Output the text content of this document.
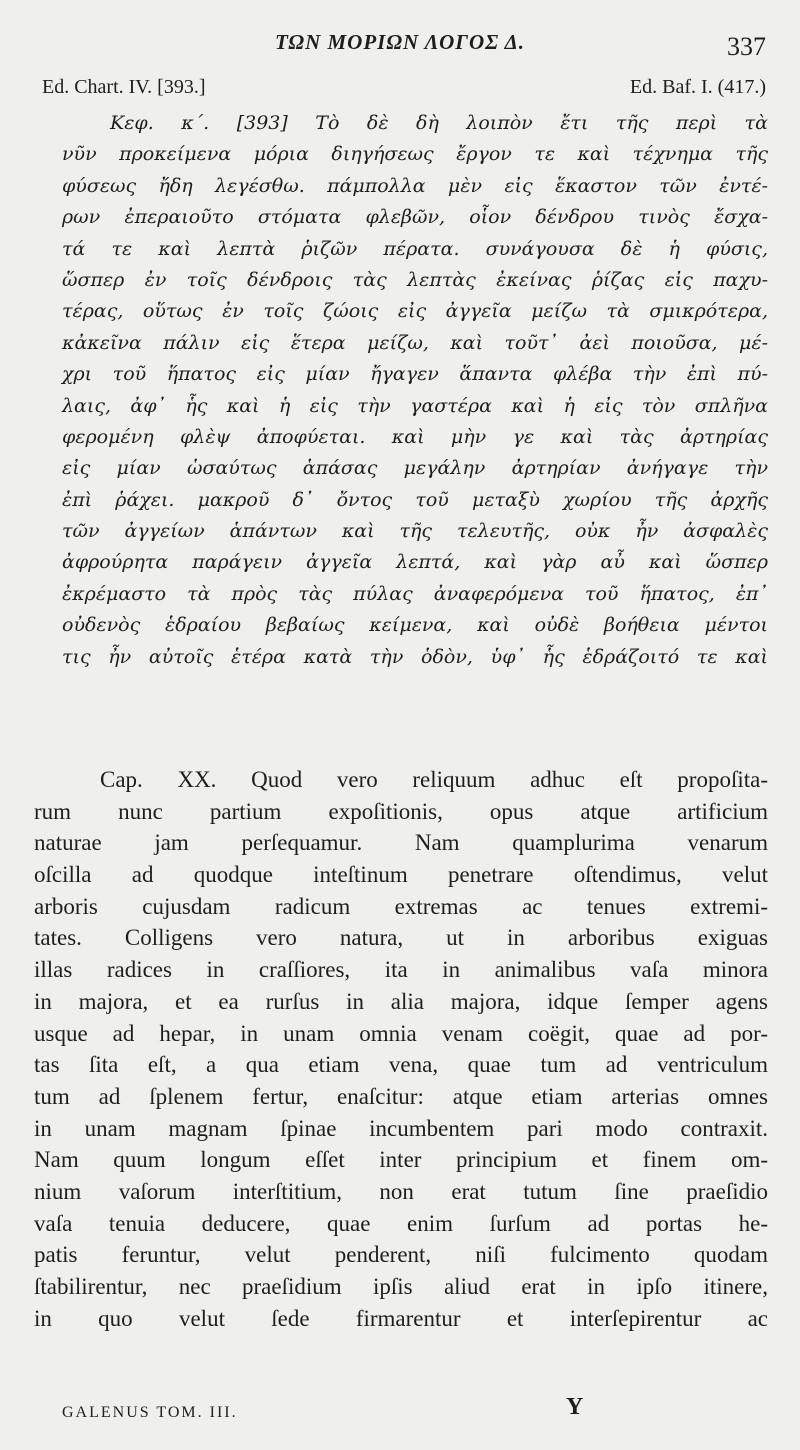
ΤΩΝ ΜΟΡΙΩΝ ΛΟΓΟΣ Δ.	337
Ed. Chart. IV. [393.]	Ed. Baf. I. (417.)
Κεφ. κ΄. [393] Τὸ δὲ δὴ λοιπὸν ἔτι τῆς περὶ τὰ
νῦν προκείμενα μόρια διηγήσεως ἔργον τε καὶ τέχνημα τῆς
φύσεως ἤδη λεγέσθω. πάμπολλα μὲν εἰς ἕκαστον τῶν ἐντέ-
ρων ἐπεραιοῦτο στόματα φλεβῶν, οἷον δένδρου τινὸς ἔσχα-
τά τε καὶ λεπτὰ ῥιζῶν πέρατα. συνάγουσα δὲ ἡ φύσις,
ὥσπερ ἐν τοῖς δένδροις τὰς λεπτὰς ἐκείνας ῥίζας εἰς παχυ-
τέρας, οὕτως ἐν τοῖς ζώοις εἰς ἀγγεῖα μείζω τὰ σμικρότερα,
κἀκεῖνα πάλιν εἰς ἕτερα μείζω, καὶ τοῦτ᾽ ἀεὶ ποιοῦσα, μέ-
χρι τοῦ ἥπατος εἰς μίαν ἤγαγεν ἅπαντα φλέβα τὴν ἐπὶ πύ-
λαις, ἀφ᾽ ἧς καὶ ἡ εἰς τὴν γαστέρα καὶ ἡ εἰς τὸν σπλῆνα
φερομένη φλὲψ ἀποφύεται. καὶ μὴν γε καὶ τὰς ἀρτηρίας
εἰς μίαν ὡσαύτως ἁπάσας μεγάλην ἀρτηρίαν ἀνήγαγε τὴν
ἐπὶ ῥάχει. μακροῦ δ᾽ ὄντος τοῦ μεταξὺ χωρίου τῆς ἀρχῆς
τῶν ἀγγείων ἁπάντων καὶ τῆς τελευτῆς, οὐκ ἦν ἀσφαλὲς
ἀφρούρητα παράγειν ἀγγεῖα λεπτά, καὶ γὰρ αὖ καὶ ὥσπερ
ἐκρέμαστο τὰ πρὸς τὰς πύλας ἀναφερόμενα τοῦ ἥπατος, ἐπ᾽
οὐδενὸς ἑδραίου βεβαίως κείμενα, καὶ οὐδὲ βοήθεια μέντοι
τις ἦν αὐτοῖς ἑτέρα κατὰ τὴν ὁδὸν, ὑφ᾽ ἧς ἑδράζοιτό τε καὶ
Cap. XX. Quod vero reliquum adhuc eſt propoſita-
rum nunc partium expoſitionis, opus atque artificium
naturae jam perſequamur. Nam quamplurima venarum
oſcilla ad quodque inteſtinum penetrare oſtendimus, velut
arboris cujusdam radicum extremas ac tenues extremi-
tates. Colligens vero natura, ut in arboribus exiguas
illas radices in craſſiores, ita in animalibus vaſa minora
in majora, et ea rurſus in alia majora, idque ſemper agens
usque ad hepar, in unam omnia venam coëgit, quae ad por-
tas ſita eſt, a qua etiam vena, quae tum ad ventriculum
tum ad ſplenem fertur, enaſcitur: atque etiam arterias omnes
in unam magnam ſpinae incumbentem pari modo contraxit.
Nam quum longum eſſet inter principium et finem om-
nium vaſorum interſtitium, non erat tutum ſine praeſidio
vaſa tenuia deducere, quae enim ſurſum ad portas he-
patis feruntur, velut penderent, niſi fulcimento quodam
ſtabilirentur, nec praeſidium ipſis aliud erat in ipſo itinere,
in quo velut ſede firmarentur et interſepirentur ac
GALENUS TOM. III.	Y
